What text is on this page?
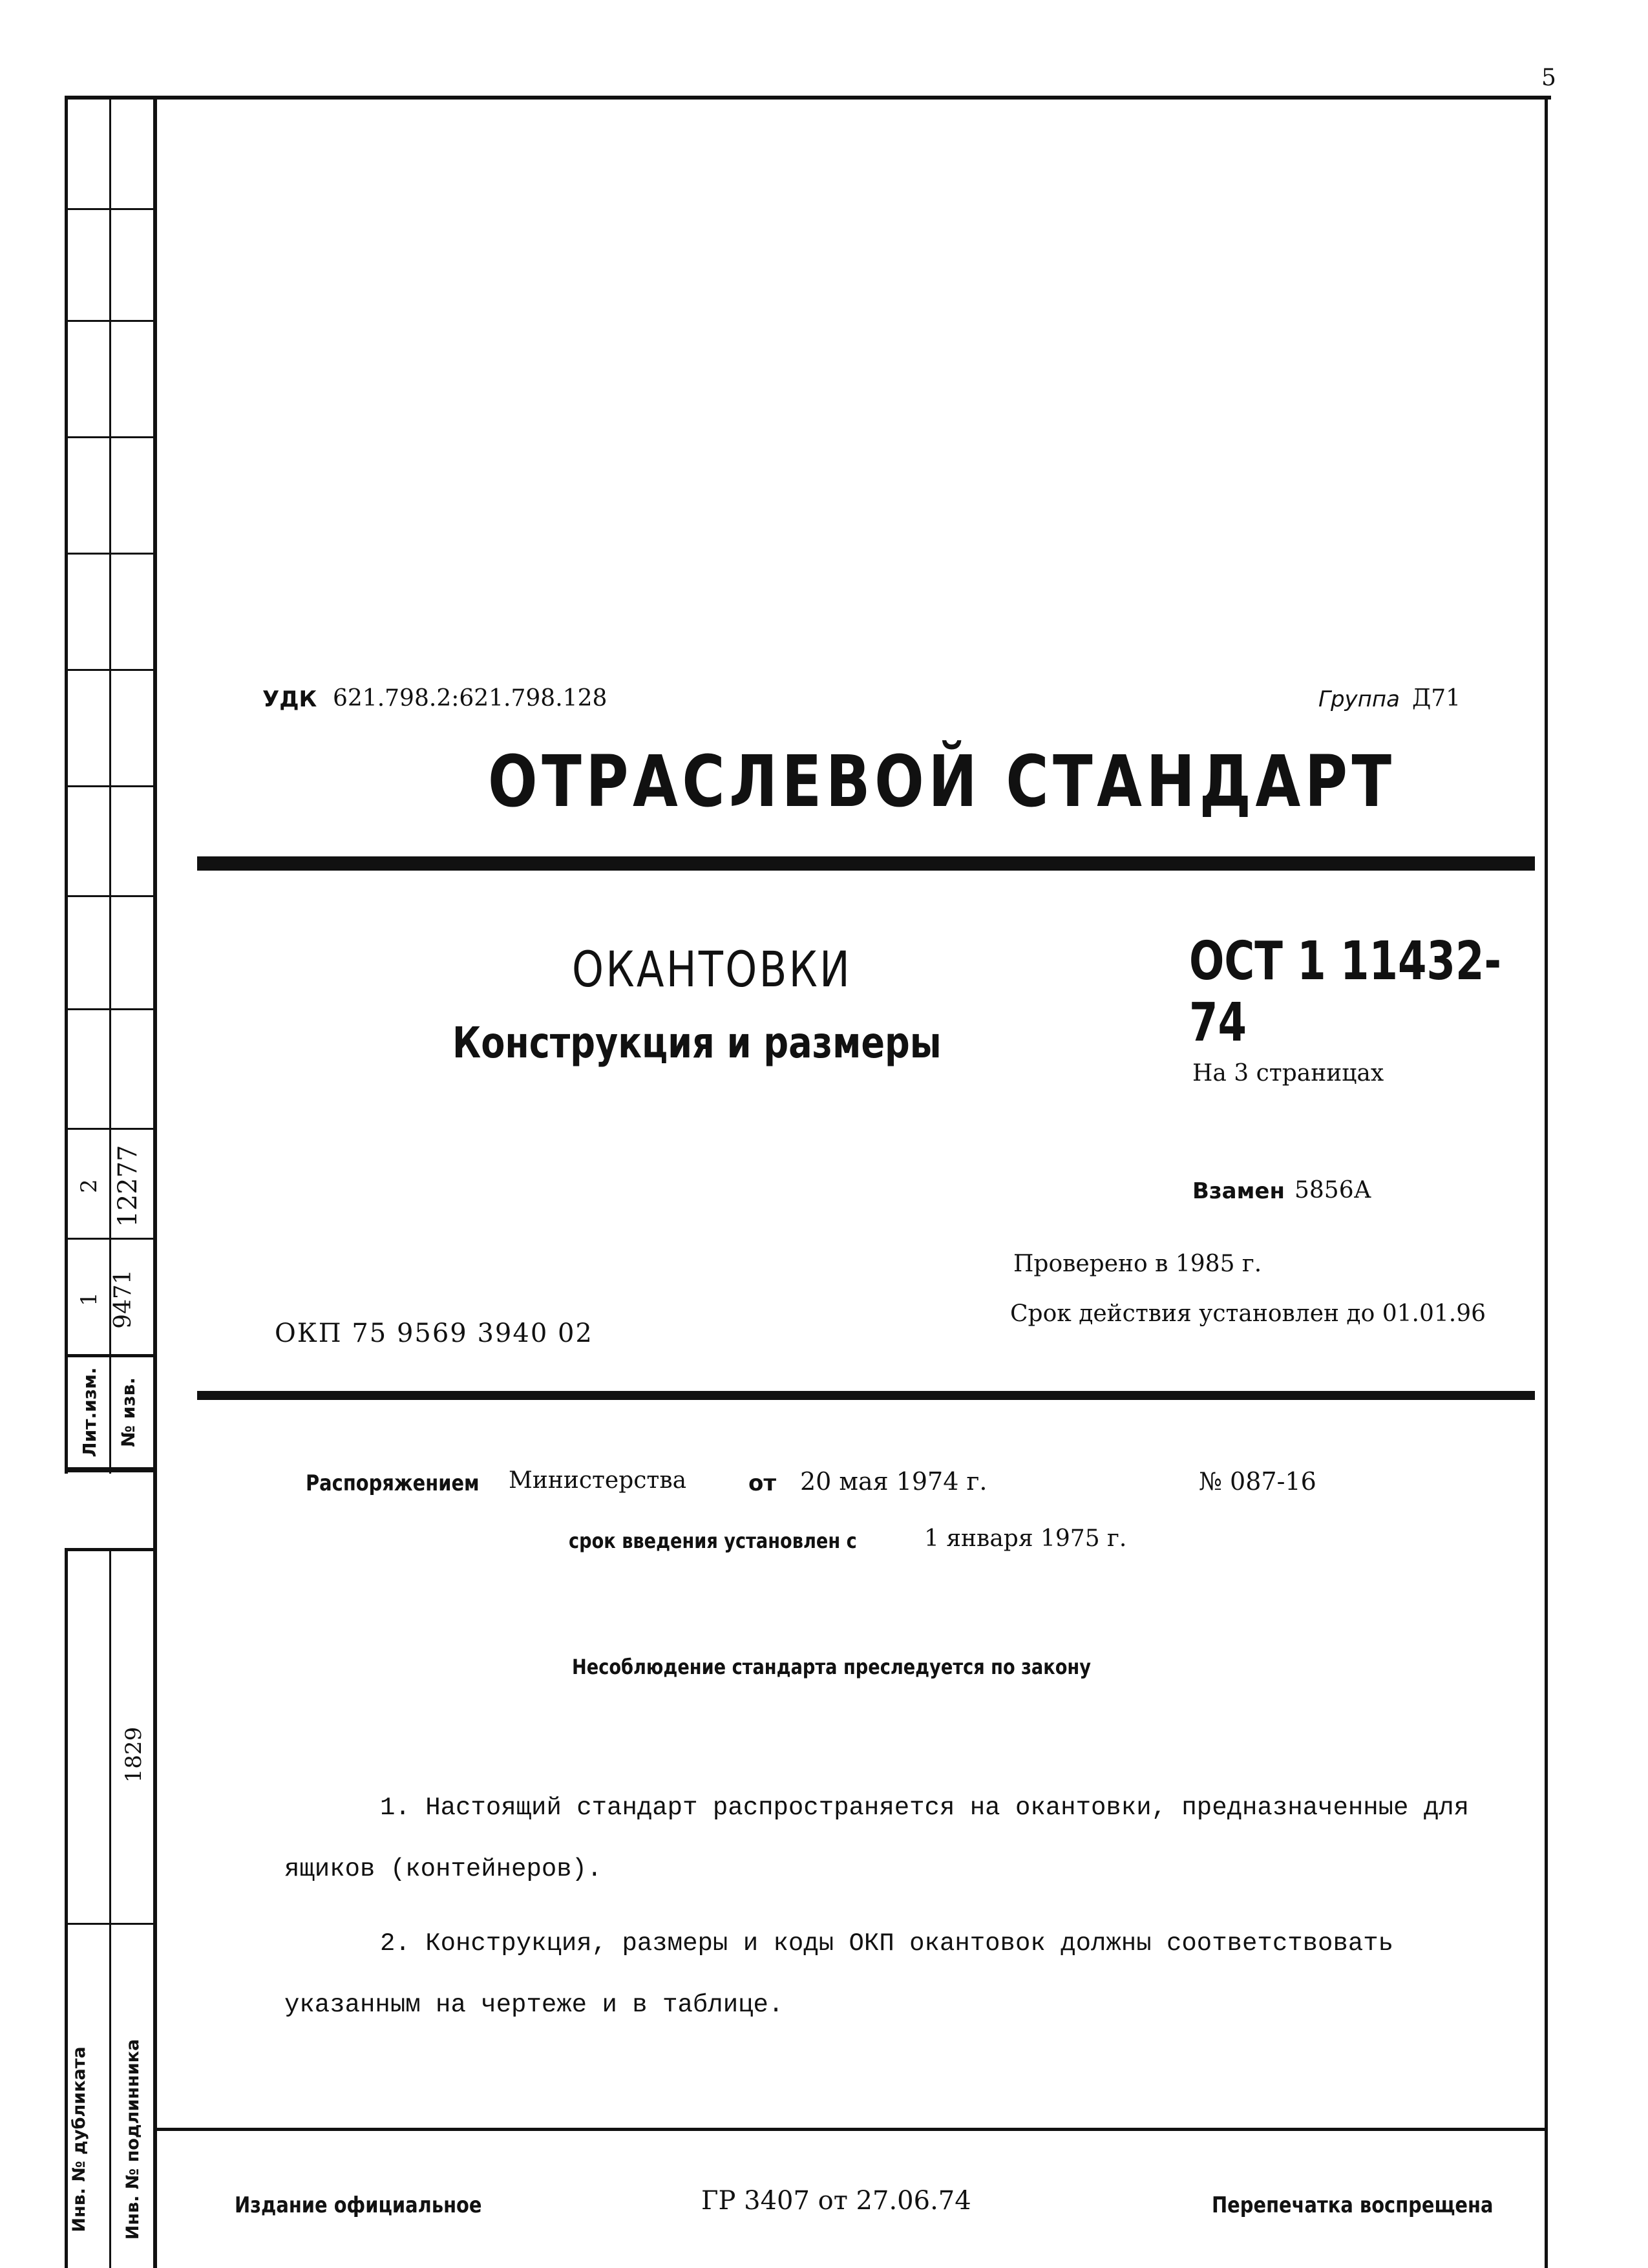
5
2 12277
1 9471
Лит.изм. № изв.
1829
Инв. № дубликата	Инв. № подлинника
УДК 621.798.2:621.798.128	Группа Д71
ОТРАСЛЕВОЙ СТАНДАРТ
ОКАНТОВКИ
Конструкция и размеры
ОСТ 1 11432-74
На 3 страницах
Взамен 5856А
Проверено в 1985 г.
Срок действия установлен до 01.01.96
ОКП 75 9569 3940 02
Распоряжением Министерства	от 20 мая 1974 г.	№ 087-16
срок введения установлен с	1 января 1975 г.
Несоблюдение стандарта преследуется по закону
1. Настоящий стандарт распространяется на окантовки, предназначенные для
ящиков (контейнеров).
2. Конструкция, размеры и коды ОКП окантовок должны соответствовать
указанным на чертеже и в таблице.
Издание официальное	ГР 3407 от 27.06.74	Перепечатка воспрещена
